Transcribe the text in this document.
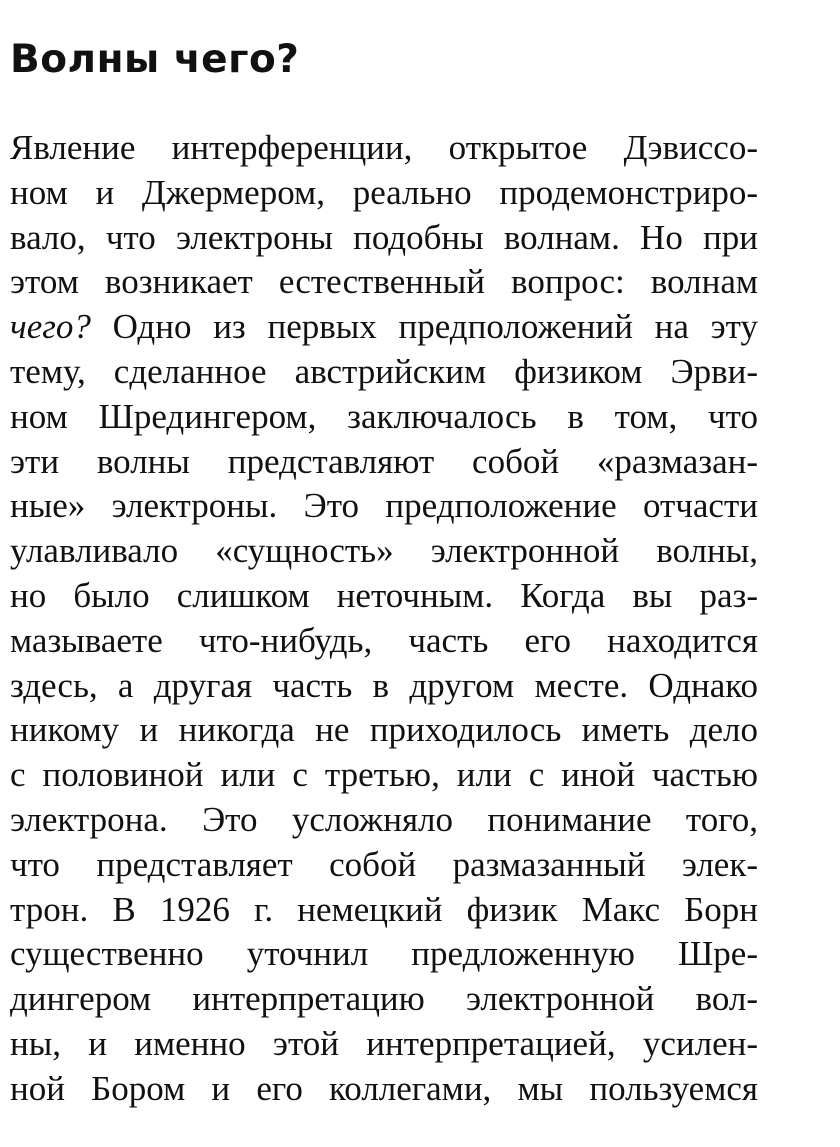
Волны чего?
Явление интерференции, открытое Дэвиссо-
ном и Джермером, реально продемонстриро-
вало, что электроны подобны волнам. Но при
этом возникает естественный вопрос: волнам
чего? Одно из первых предположений на эту
тему, сделанное австрийским физиком Эрви-
ном Шредингером, заключалось в том, что
эти волны представляют собой «размазан-
ные» электроны. Это предположение отчасти
улавливало «сущность» электронной волны,
но было слишком неточным. Когда вы раз-
мазываете что-нибудь, часть его находится
здесь, а другая часть в другом месте. Однако
никому и никогда не приходилось иметь дело
с половиной или с третью, или с иной частью
электрона. Это усложняло понимание того,
что представляет собой размазанный элек-
трон. В 1926 г. немецкий физик Макс Борн
существенно уточнил предложенную Шре-
дингером интерпретацию электронной вол-
ны, и именно этой интерпретацией, усилен-
ной Бором и его коллегами, мы пользуемся
